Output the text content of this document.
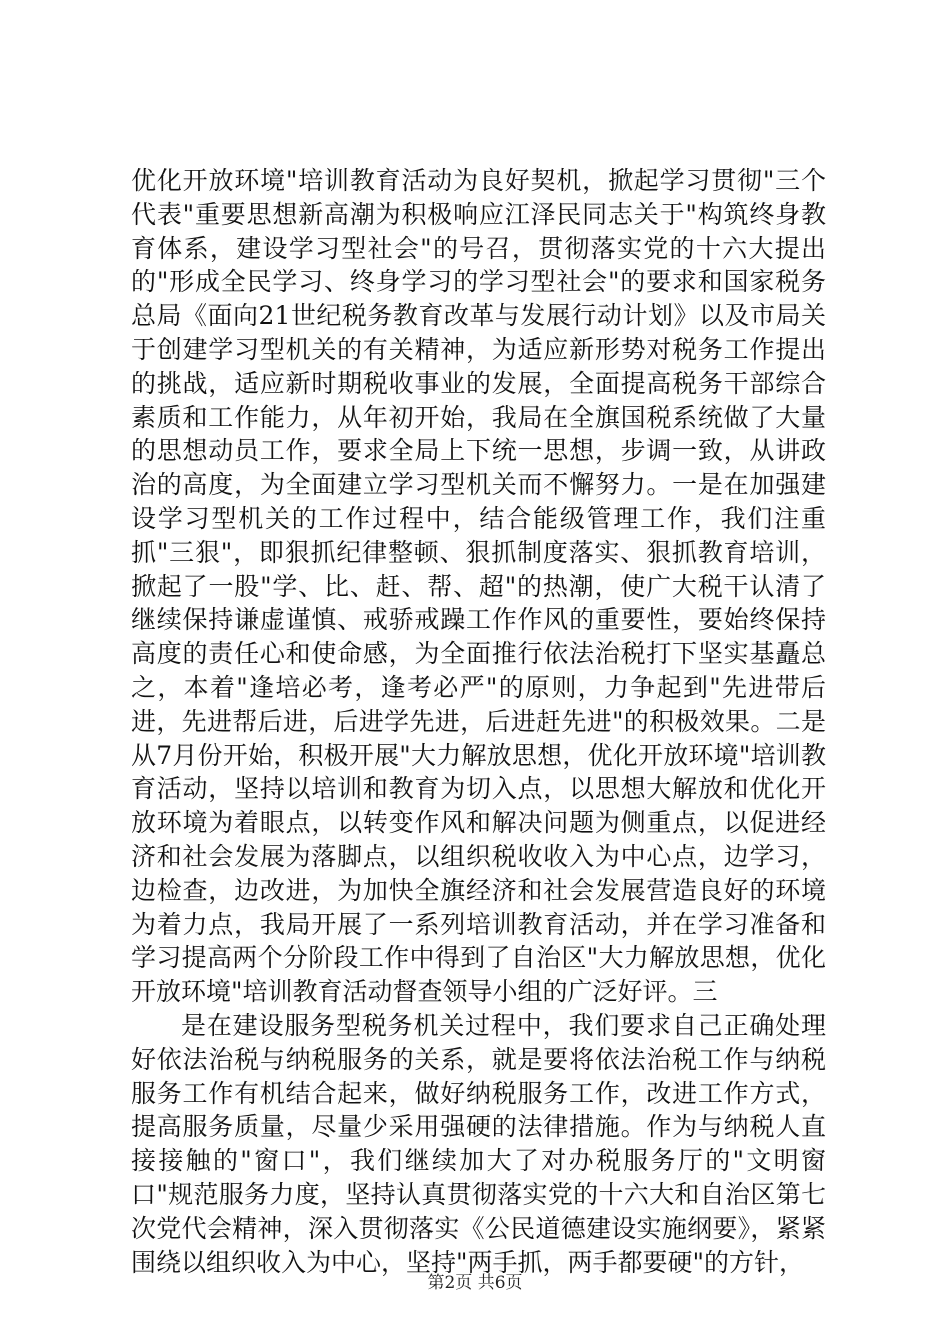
优化开放环境"培训教育活动为良好契机，掀起学习贯彻"三个代表"重要思想新高潮为积极响应江泽民同志关于"构筑终身教育体系，建设学习型社会"的号召，贯彻落实党的十六大提出的"形成全民学习、终身学习的学习型社会"的要求和国家税务总局《面向21世纪税务教育改革与发展行动计划》以及市局关于创建学习型机关的有关精神，为适应新形势对税务工作提出的挑战，适应新时期税收事业的发展，全面提高税务干部综合素质和工作能力，从年初开始，我局在全旗国税系统做了大量的思想动员工作，要求全局上下统一思想，步调一致，从讲政治的高度，为全面建立学习型机关而不懈努力。一是在加强建设学习型机关的工作过程中，结合能级管理工作，我们注重抓"三狠"，即狠抓纪律整顿、狠抓制度落实、狠抓教育培训，掀起了一股"学、比、赶、帮、超"的热潮，使广大税干认清了继续保持谦虚谨慎、戒骄戒躁工作作风的重要性，要始终保持高度的责任心和使命感，为全面推行依法治税打下坚实基矗总之，本着"逢培必考，逢考必严"的原则，力争起到"先进带后进，先进帮后进，后进学先进，后进赶先进"的积极效果。二是从7月份开始，积极开展"大力解放思想，优化开放环境"培训教育活动，坚持以培训和教育为切入点，以思想大解放和优化开放环境为着眼点，以转变作风和解决问题为侧重点，以促进经济和社会发展为落脚点，以组织税收收入为中心点，边学习，边检查，边改进，为加快全旗经济和社会发展营造良好的环境为着力点，我局开展了一系列培训教育活动，并在学习准备和学习提高两个分阶段工作中得到了自治区"大力解放思想，优化开放环境"培训教育活动督查领导小组的广泛好评。三

是在建设服务型税务机关过程中，我们要求自己正确处理好依法治税与纳税服务的关系，就是要将依法治税工作与纳税服务工作有机结合起来，做好纳税服务工作，改进工作方式，提高服务质量，尽量少采用强硬的法律措施。作为与纳税人直接接触的"窗口"，我们继续加大了对办税服务厅的"文明窗口"规范服务力度，坚持认真贯彻落实党的十六大和自治区第七次党代会精神，深入贯彻落实《公民道德建设实施纲要》，紧紧围绕以组织收入为中心，坚持"两手抓，两手都要硬"的方针，

第2页 共6页
